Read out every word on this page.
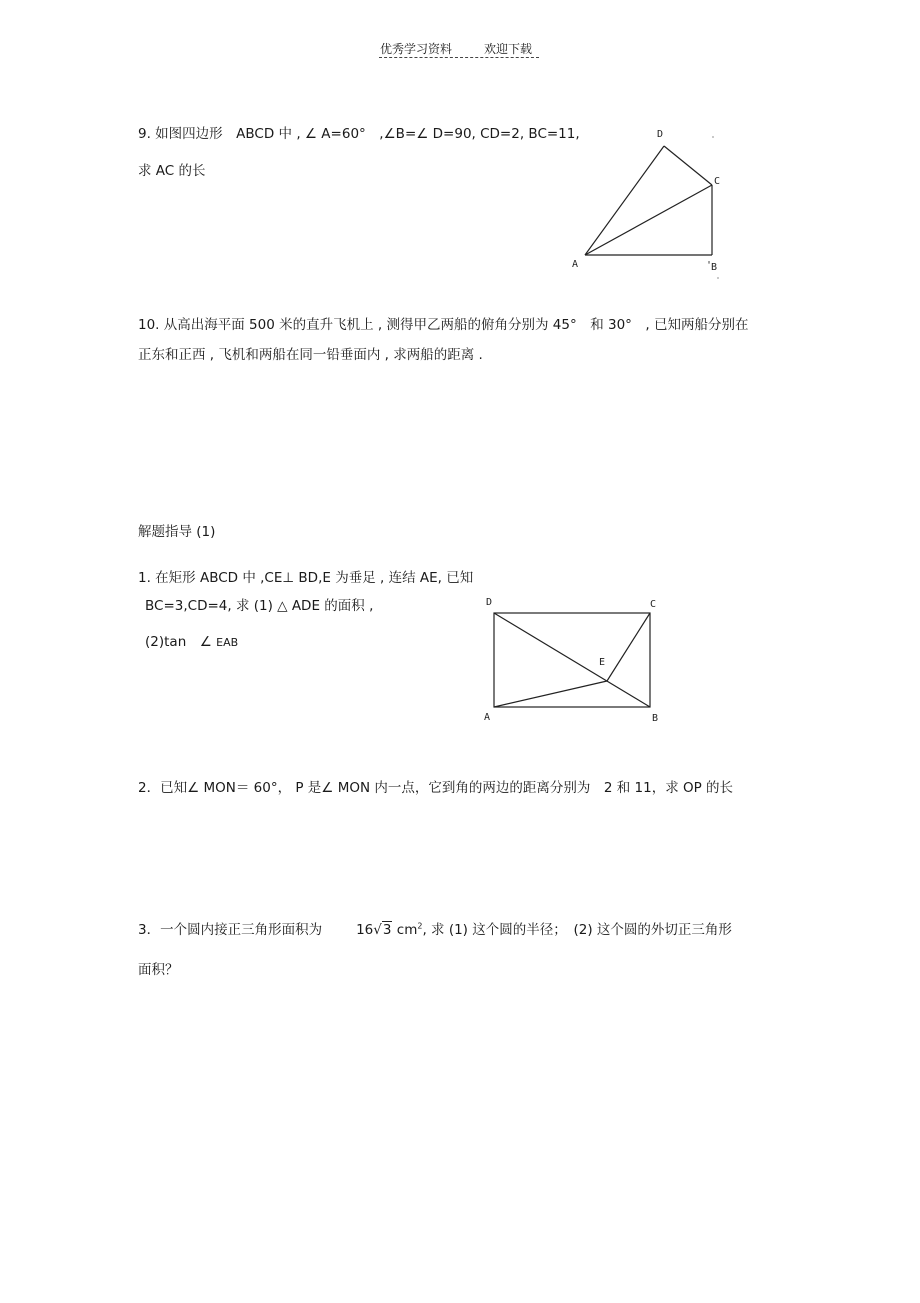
优秀学习资料	欢迎下载
9. 如图四边形　ABCD 中 , ∠ A=60°　,∠B=∠ D=90, CD=2, BC=11,
求 AC 的长
D
C
A	'
B
10. 从高出海平面 500 米的直升飞机上 , 测得甲乙两船的俯角分别为 45°　和 30°　, 已知两船分别在
正东和正西 , 飞机和两船在同一铅垂面内 , 求两船的距离 .
解题指导 (1)
1. 在矩形 ABCD 中 ,CE⊥ BD,E 为垂足 , 连结 AE, 已知
BC=3,CD=4, 求 (1) △ ADE 的面积 ,
(2)tan　∠ EAB
D	C
E
A	B
2．已知∠ MON＝ 60°， P 是∠ MON 内一点，它到角的两边的距离分别为　2 和 11，求 OP 的长
3．一个圆内接正三角形面积为	16√3 $cm^2$, 求 (1) 这个圆的半径；　(2) 这个圆的外切正三角形
面积？
